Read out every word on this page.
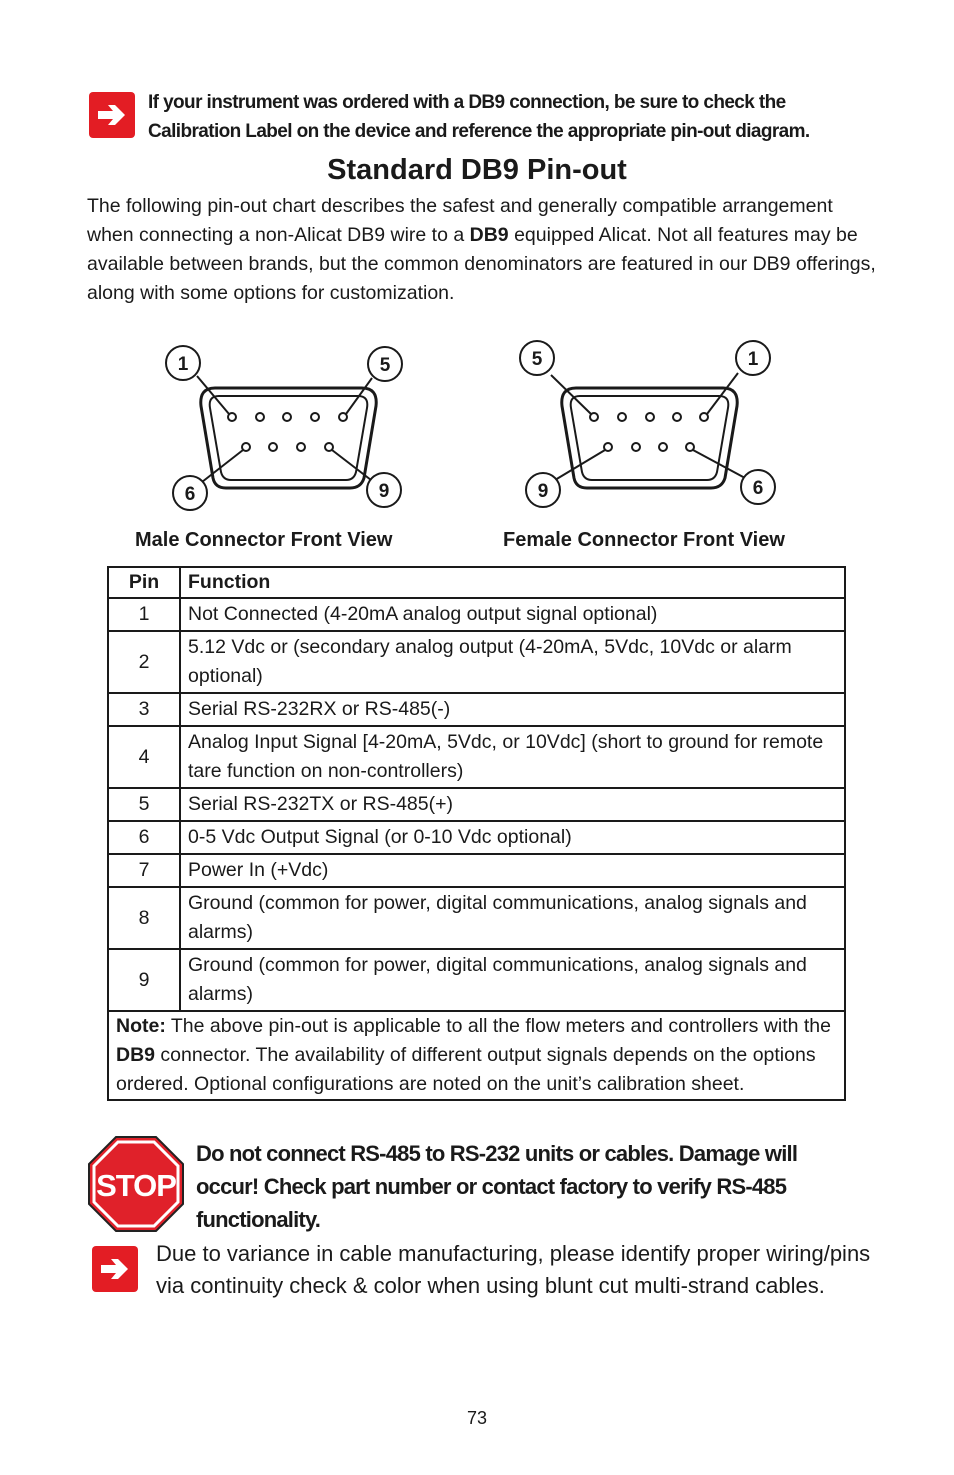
If your instrument was ordered with a DB9 connection, be sure to check the
Calibration Label on the device and reference the appropriate pin-out diagram.
Standard DB9 Pin-out
The following pin-out chart describes the safest and generally compatible arrangement when connecting a non-Alicat DB9 wire to a DB9 equipped Alicat. Not all features may be available between brands, but the common denominators are featured in our DB9 offerings, along with some options for customization.
1	5
6	9
5	1
9	6
Male Connector Front View	Female Connector Front View
Pin	Function
1	Not Connected (4-20mA analog output signal optional)
2	5.12 Vdc or (secondary analog output (4-20mA, 5Vdc, 10Vdc or alarm optional)
3	Serial RS-232RX or RS-485(-)
4	Analog Input Signal [4-20mA, 5Vdc, or 10Vdc] (short to ground for remote tare function on non-controllers)
5	Serial RS-232TX or RS-485(+)
6	0-5 Vdc Output Signal (or 0-10 Vdc optional)
7	Power In (+Vdc)
8	Ground (common for power, digital communications, analog signals and alarms)
9	Ground (common for power, digital communications, analog signals and alarms)
Note: The above pin-out is applicable to all the flow meters and controllers with the DB9 connector. The availability of different output signals depends on the options ordered. Optional configurations are noted on the unit’s calibration sheet.	
STOP
Do not connect RS-485 to RS-232 units or cables. Damage will occur! Check part number or contact factory to verify RS-485 functionality.
Due to variance in cable manufacturing, please identify proper wiring/pins via continuity check & color when using blunt cut multi-strand cables.
73
